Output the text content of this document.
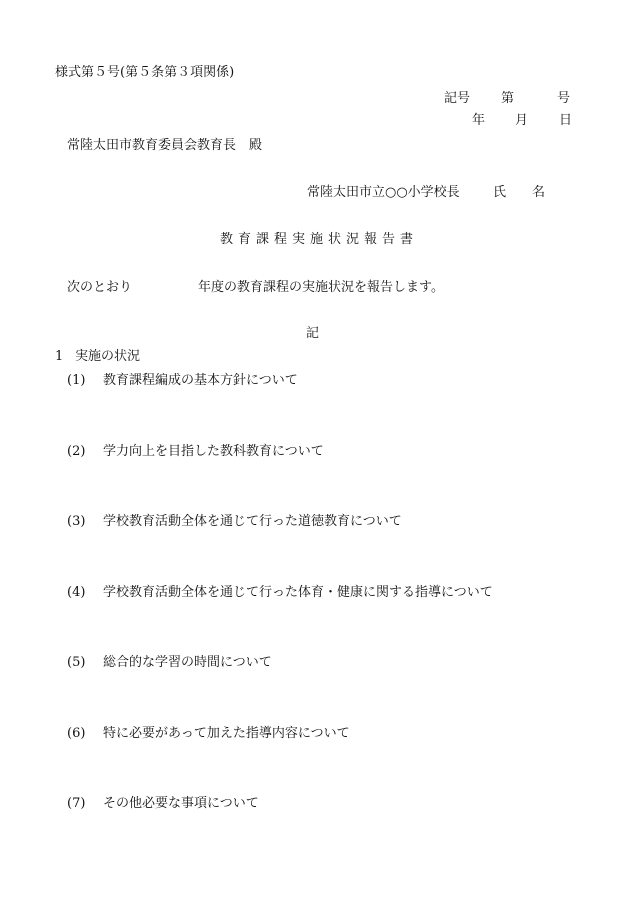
様式第５号(第５条第３項関係)
記号 第	号
年 月 日
常陸太田市教育委員会教育長　殿
常陸太田市立○○小学校長	氏　　名
教育課程実施状況報告書
次のとおり	年度の教育課程の実施状況を報告します。
記
1 実施の状況
(1) 教育課程編成の基本方針について
(2) 学力向上を目指した教科教育について
(3) 学校教育活動全体を通じて行った道徳教育について
(4) 学校教育活動全体を通じて行った体育・健康に関する指導について
(5) 総合的な学習の時間について
(6) 特に必要があって加えた指導内容について
(7) その他必要な事項について
